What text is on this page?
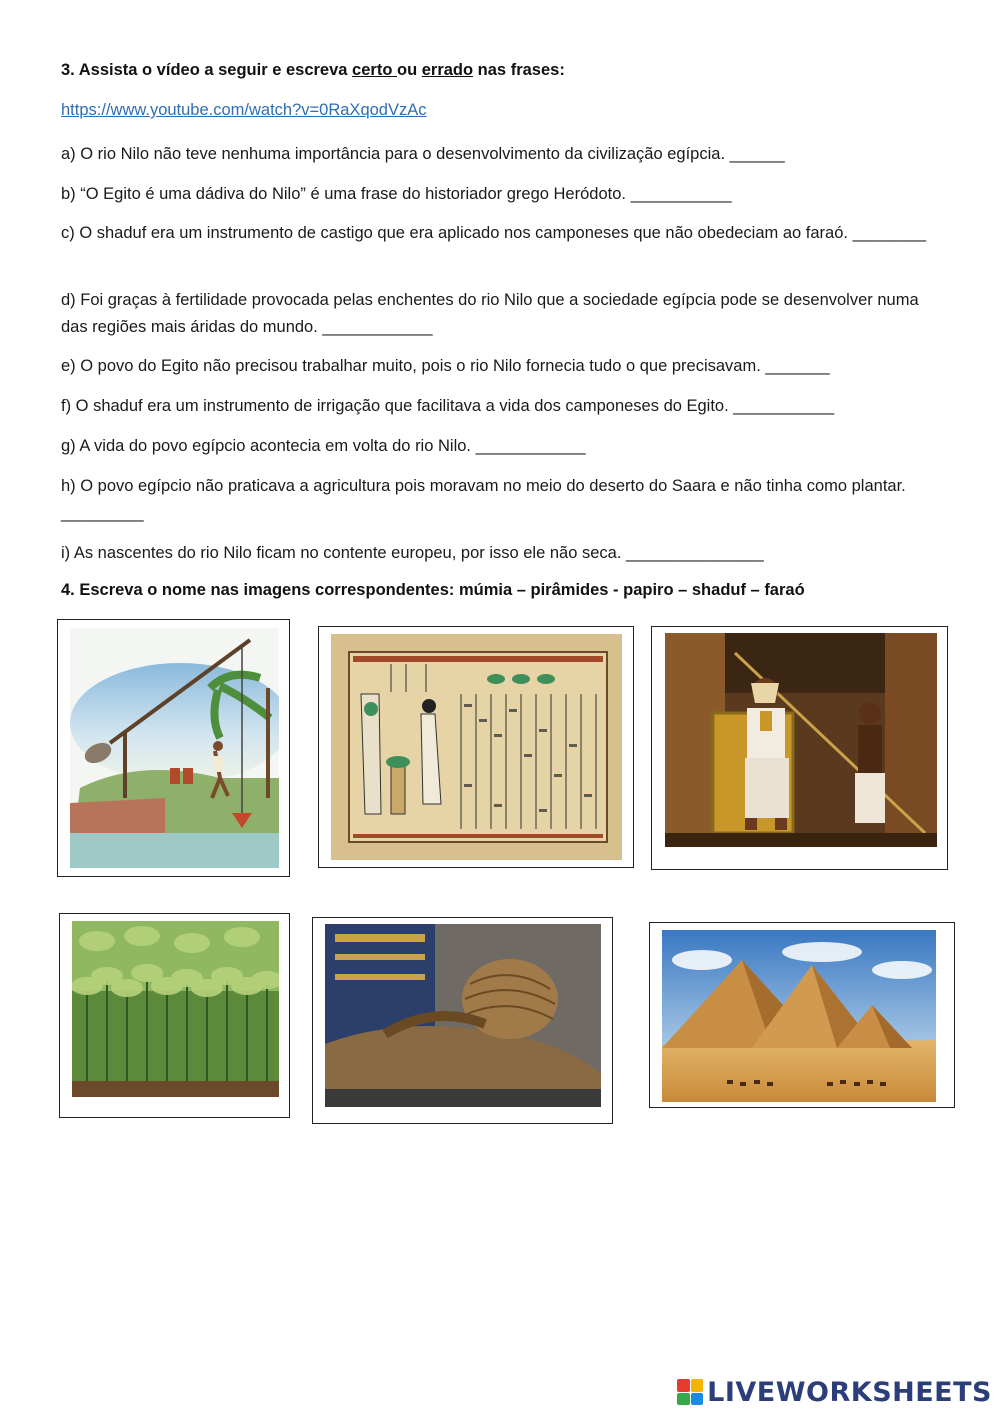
3. Assista o vídeo a seguir e escreva certo ou errado nas frases:
https://www.youtube.com/watch?v=0RaXqodVzAc
a) O rio Nilo não teve nenhuma importância para o desenvolvimento da civilização egípcia. ______
b) “O Egito é uma dádiva do Nilo” é uma frase do historiador grego Heródoto. ___________
c) O shaduf era um instrumento de castigo que era aplicado nos camponeses que não obedeciam ao faraó. ________
d) Foi graças à fertilidade provocada pelas enchentes do rio Nilo que a sociedade egípcia pode se desenvolver numa das regiões mais áridas do mundo. ____________
e) O povo do Egito não precisou trabalhar muito, pois o rio Nilo fornecia tudo o que precisavam. _______
f) O shaduf era um instrumento de irrigação que facilitava a vida dos camponeses do Egito. ___________
g) A vida do povo egípcio acontecia em volta do rio Nilo. ____________
h) O povo egípcio não praticava a agricultura pois moravam no meio do deserto do Saara e não tinha como plantar. _________
i) As nascentes do rio Nilo ficam no contente europeu, por isso ele não seca. _______________
4. Escreva o nome nas imagens correspondentes: múmia – pirâmides - papiro – shaduf – faraó
LIVEWORKSHEETS
